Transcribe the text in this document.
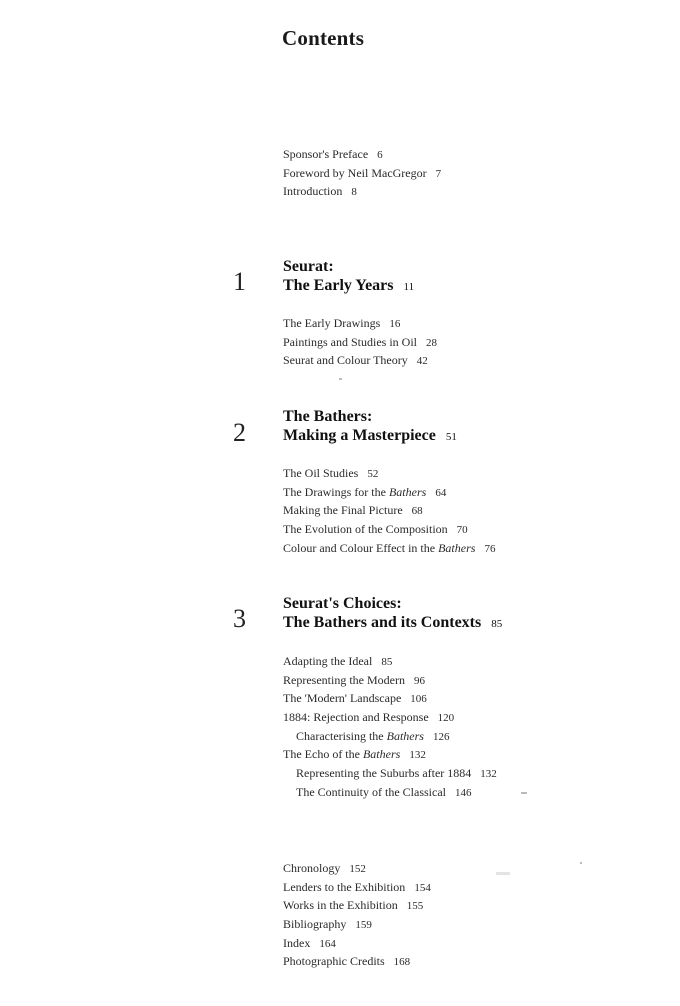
Contents
Sponsor's Preface 6
Foreword by Neil MacGregor 7
Introduction 8
1
Seurat:
The Early Years 11
The Early Drawings 16
Paintings and Studies in Oil 28
Seurat and Colour Theory 42
2
The Bathers:
Making a Masterpiece 51
The Oil Studies 52
The Drawings for the Bathers 64
Making the Final Picture 68
The Evolution of the Composition 70
Colour and Colour Effect in the Bathers 76
3
Seurat's Choices:
The Bathers and its Contexts 85
Adapting the Ideal 85
Representing the Modern 96
The 'Modern' Landscape 106
1884: Rejection and Response 120
Characterising the Bathers 126
The Echo of the Bathers 132
Representing the Suburbs after 1884 132
The Continuity of the Classical 146
Chronology 152
Lenders to the Exhibition 154
Works in the Exhibition 155
Bibliography 159
Index 164
Photographic Credits 168
